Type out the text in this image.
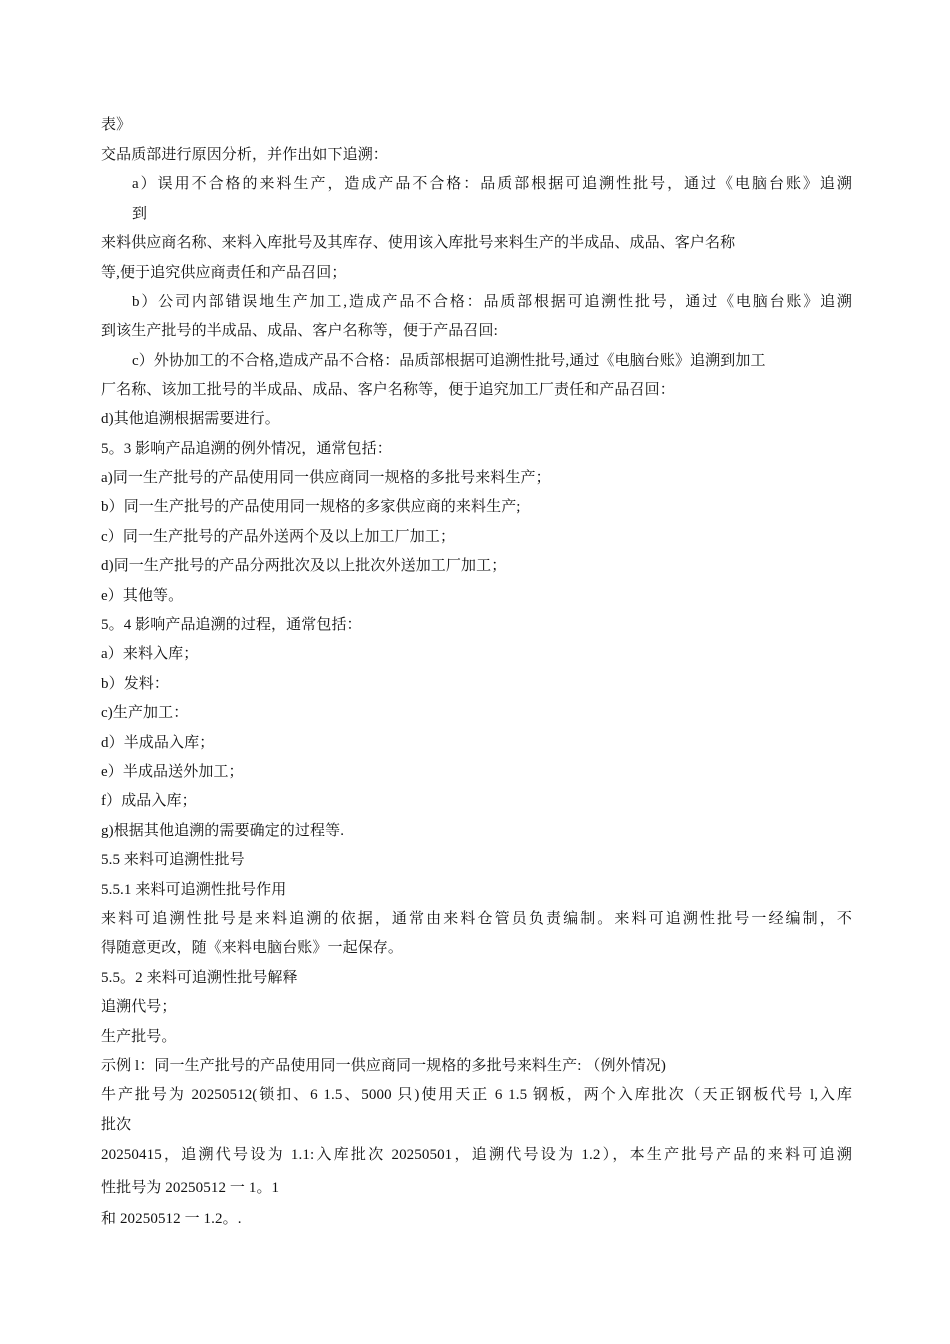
表》
交品质部进行原因分析，并作出如下追溯：
a）误用不合格的来料生产，造成产品不合格：品质部根据可追溯性批号，通过《电脑台账》追溯
到
来料供应商名称、来料入库批号及其库存、使用该入库批号来料生产的半成品、成品、客户名称
等,便于追究供应商责任和产品召回；
b）公司内部错误地生产加工,造成产品不合格：品质部根据可追溯性批号，通过《电脑台账》追溯
到该生产批号的半成品、成品、客户名称等，便于产品召回:
c）外协加工的不合格,造成产品不合格：品质部根据可追溯性批号,通过《电脑台账》追溯到加工
厂名称、该加工批号的半成品、成品、客户名称等，便于追究加工厂责任和产品召回：
d)其他追溯根据需要进行。
5。3 影响产品追溯的例外情况，通常包括：
a)同一生产批号的产品使用同一供应商同一规格的多批号来料生产；
b）同一生产批号的产品使用同一规格的多家供应商的来料生产;
c）同一生产批号的产品外送两个及以上加工厂加工；
d)同一生产批号的产品分两批次及以上批次外送加工厂加工；
e）其他等。
5。4 影响产品追溯的过程，通常包括：
a）来料入库；
b）发料：
c)生产加工：
d）半成品入库；
e）半成品送外加工；
f）成品入库；
g)根据其他追溯的需要确定的过程等.
5.5 来料可追溯性批号
5.5.1 来料可追溯性批号作用
来料可追溯性批号是来料追溯的依据，通常由来料仓管员负责编制。来料可追溯性批号一经编制，不
得随意更改，随《来料电脑台账》一起保存。
5.5。2 来料可追溯性批号解释
追溯代号；
生产批号。
示例 l：同一生产批号的产品使用同一供应商同一规格的多批号来料生产: （例外情况)
牛产批号为 20250512(锁扣、6 1.5、5000 只)使用天正 6 1.5 钢板，两个入库批次（天正钢板代号 l,入库
批次
20250415，追溯代号设为 1.1:入库批次 20250501，追溯代号设为 1.2），本生产批号产品的来料可追溯
性批号为 20250512 一 1。1
和 20250512 一 1.2。.
